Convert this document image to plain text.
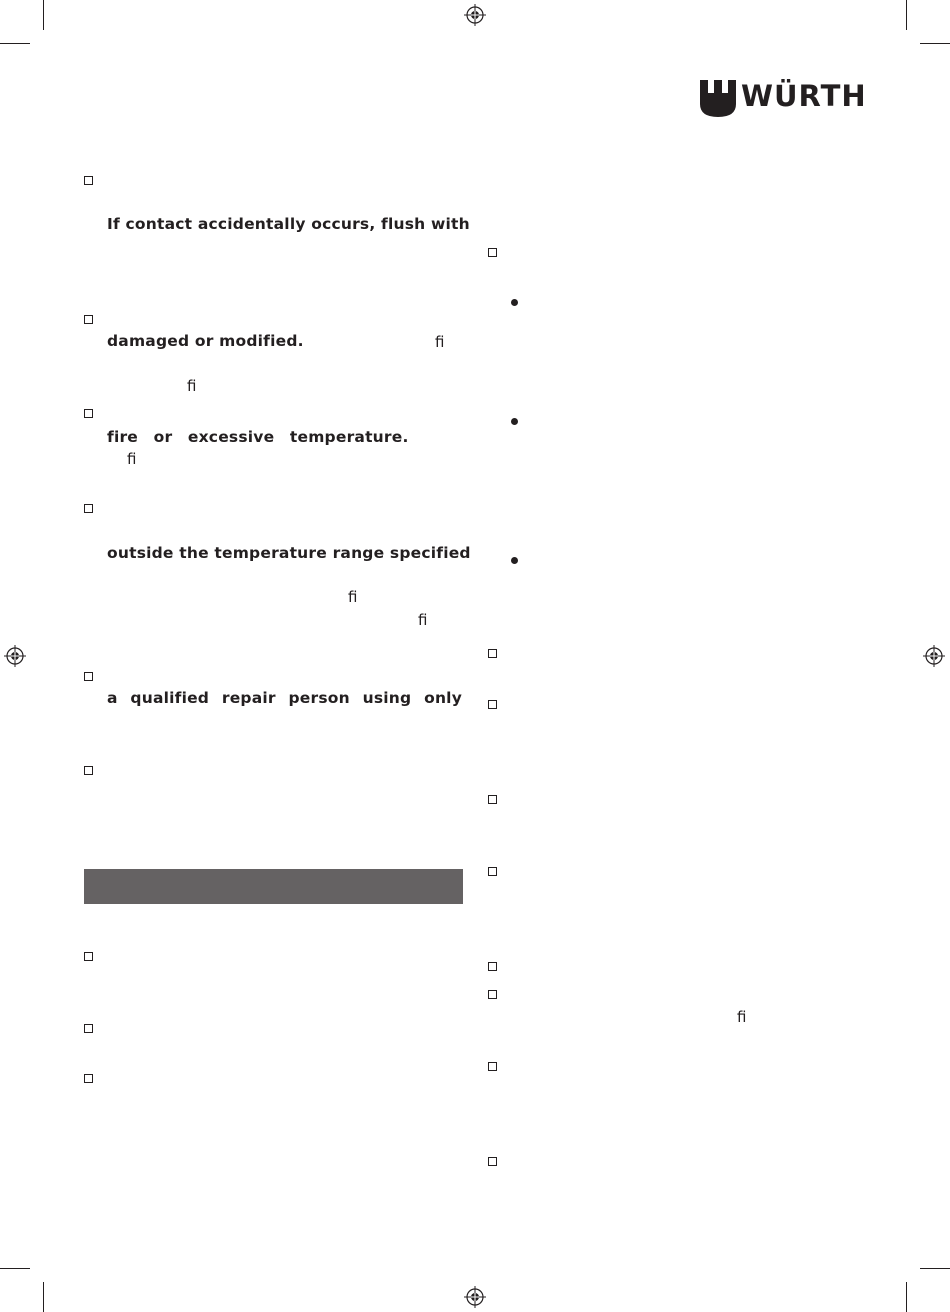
WÜRTH
If contact accidentally occurs, flush with
damaged or modified.	fi
fi
fire or excessive temperature.
fi
outside the temperature range specified
fi
fi
a qualified repair person using only
fi
